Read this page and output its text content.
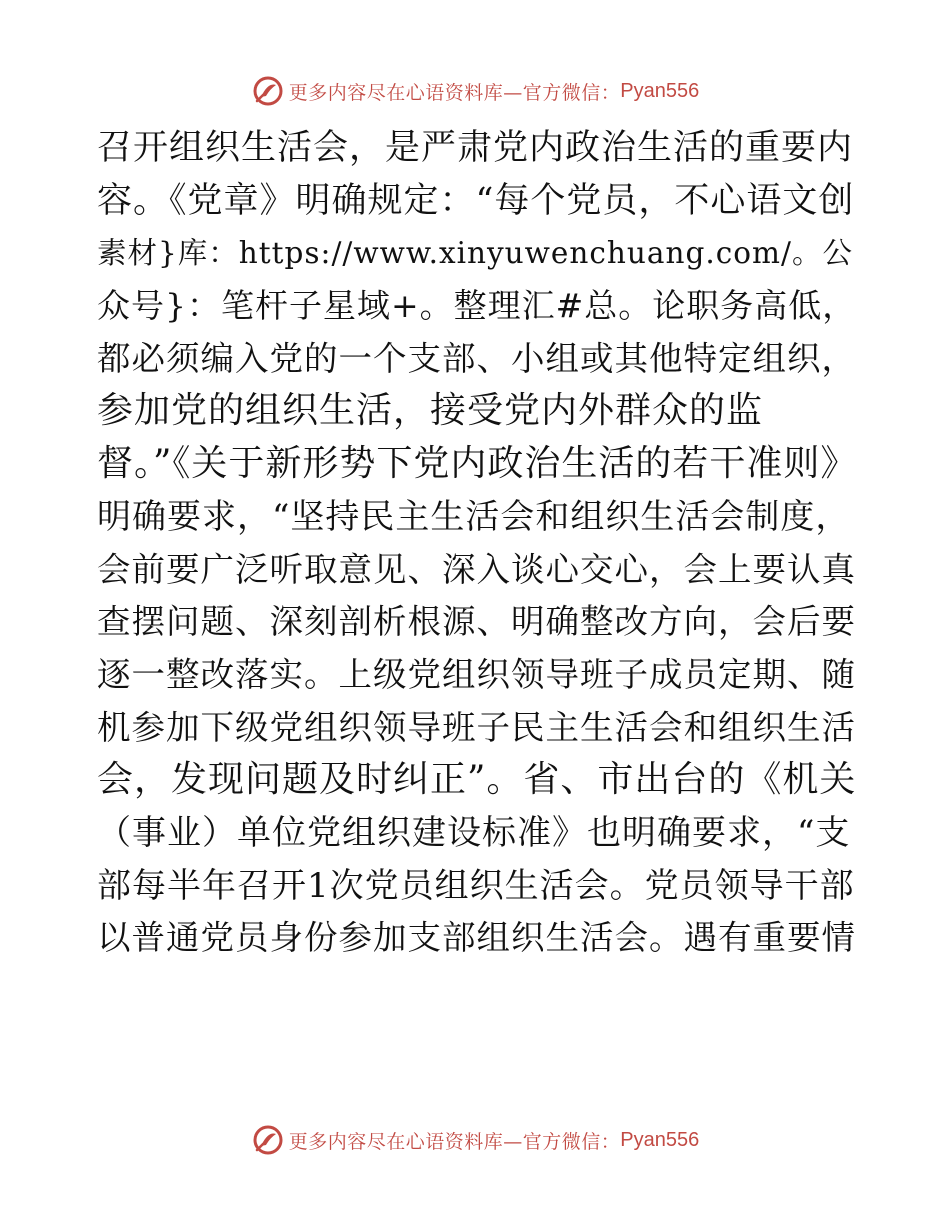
更多内容尽在心语资料库—官方微信： Pyan556
召开组织生活会，是严肃党内政治生活的重要内
容。《党章》明确规定：“每个党员，不心语文创
素材}库：https://www.xinyuwenchuang.com/。公
众号}：笔杆子星域+。整理汇#总。论职务高低，
都必须编入党的一个支部、小组或其他特定组织，
参加党的组织生活，接受党内外群众的监
督。”《关于新形势下党内政治生活的若干准则》
明确要求，“坚持民主生活会和组织生活会制度，
会前要广泛听取意见、深入谈心交心，会上要认真
查摆问题、深刻剖析根源、明确整改方向，会后要
逐一整改落实。上级党组织领导班子成员定期、随
机参加下级党组织领导班子民主生活会和组织生活
会，发现问题及时纠正”。省、市出台的《机关
（事业）单位党组织建设标准》也明确要求，“支
部每半年召开1次党员组织生活会。党员领导干部
以普通党员身份参加支部组织生活会。遇有重要情
更多内容尽在心语资料库—官方微信： Pyan556
